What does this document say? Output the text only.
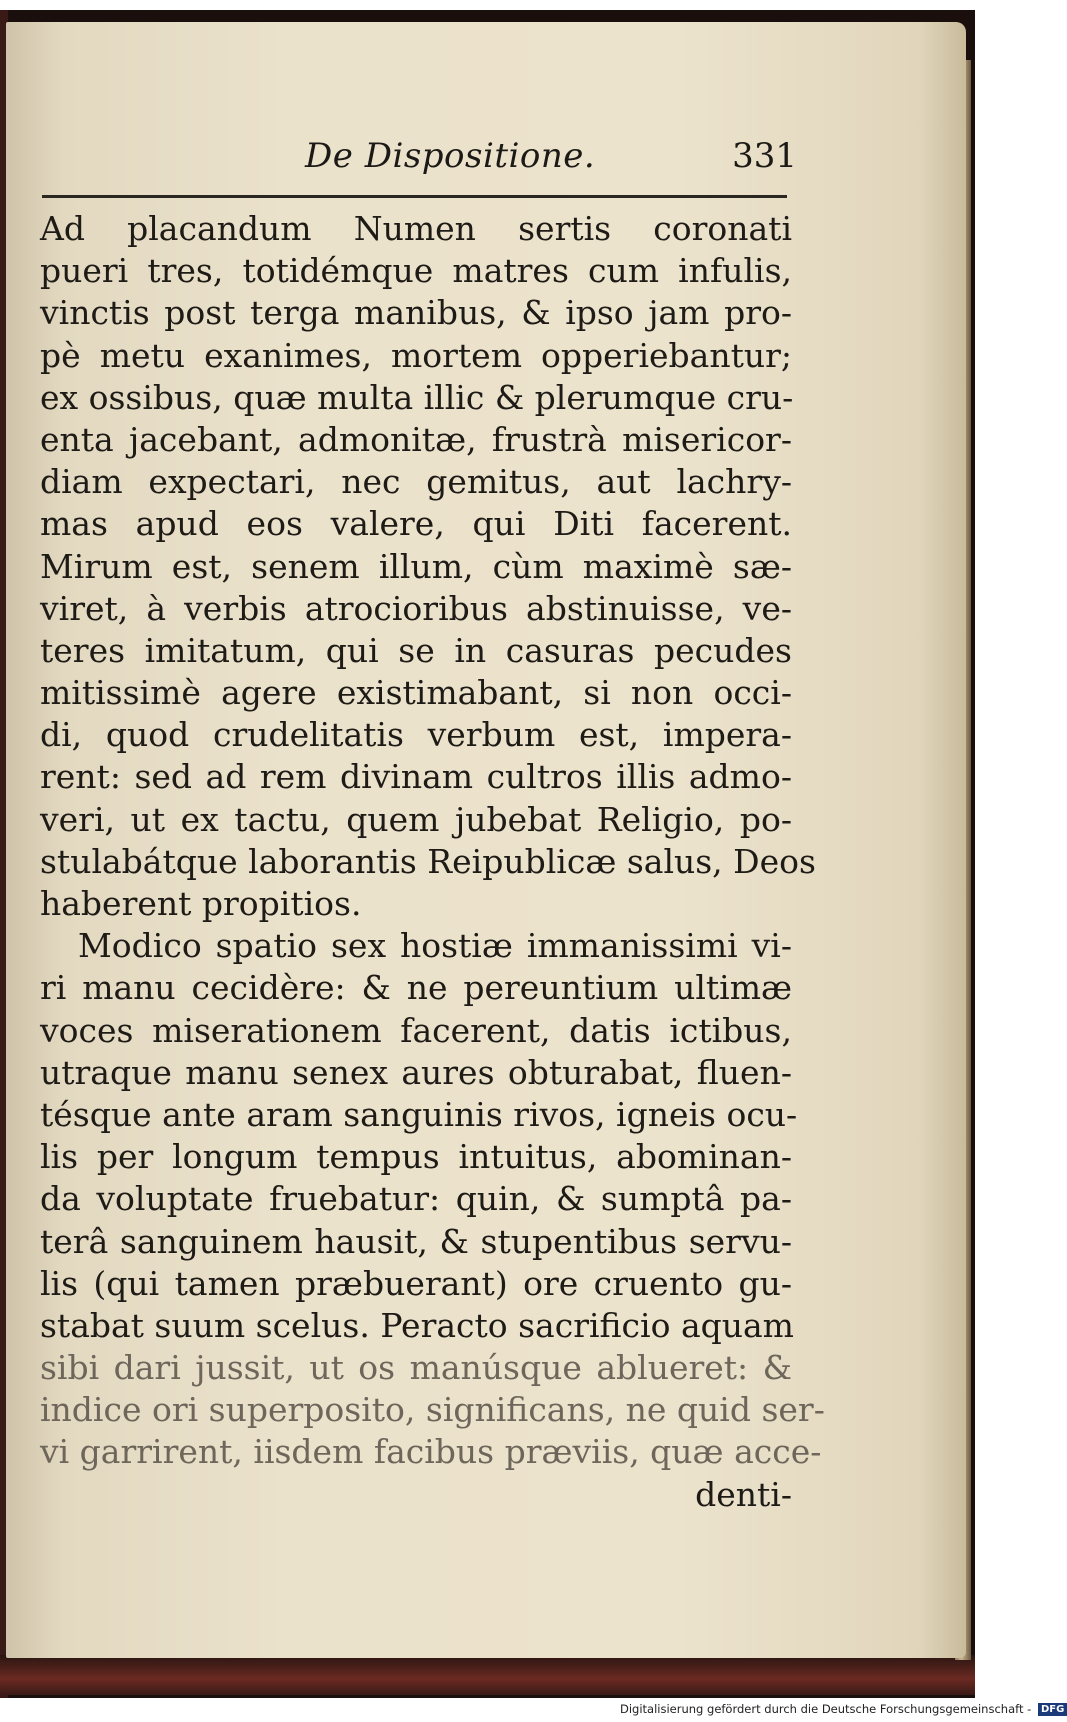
De Dispositione.	331
Ad placandum Numen sertis coronati
pueri tres, totidémque matres cum infulis,
vinctis post terga manibus, & ipso jam pro-
pè metu exanimes, mortem opperiebantur;
ex ossibus, quæ multa illic & plerumque cru-
enta jacebant, admonitæ, frustrà misericor-
diam expectari, nec gemitus, aut lachry-
mas apud eos valere, qui Diti facerent.
Mirum est, senem illum, cùm maximè sæ-
viret, à verbis atrocioribus abstinuisse, ve-
teres imitatum, qui se in casuras pecudes
mitissimè agere existimabant, si non occi-
di, quod crudelitatis verbum est, impera-
rent: sed ad rem divinam cultros illis admo-
veri, ut ex tactu, quem jubebat Religio, po-
stulabátque laborantis Reipublicæ salus, Deos
haberent propitios.
Modico spatio sex hostiæ immanissimi vi-
ri manu cecidère: & ne pereuntium ultimæ
voces miserationem facerent, datis ictibus,
utraque manu senex aures obturabat, fluen-
tésque ante aram sanguinis rivos, igneis ocu-
lis per longum tempus intuitus, abominan-
da voluptate fruebatur: quin, & sumptâ pa-
terâ sanguinem hausit, & stupentibus servu-
lis (qui tamen præbuerant) ore cruento gu-
stabat suum scelus. Peracto sacrificio aquam
sibi dari jussit, ut os manúsque ablueret: &
indice ori superposito, significans, ne quid ser-
vi garrirent, iisdem facibus præviis, quæ acce-
denti-
Digitalisierung gefördert durch die Deutsche Forschungsgemeinschaft - DFG
